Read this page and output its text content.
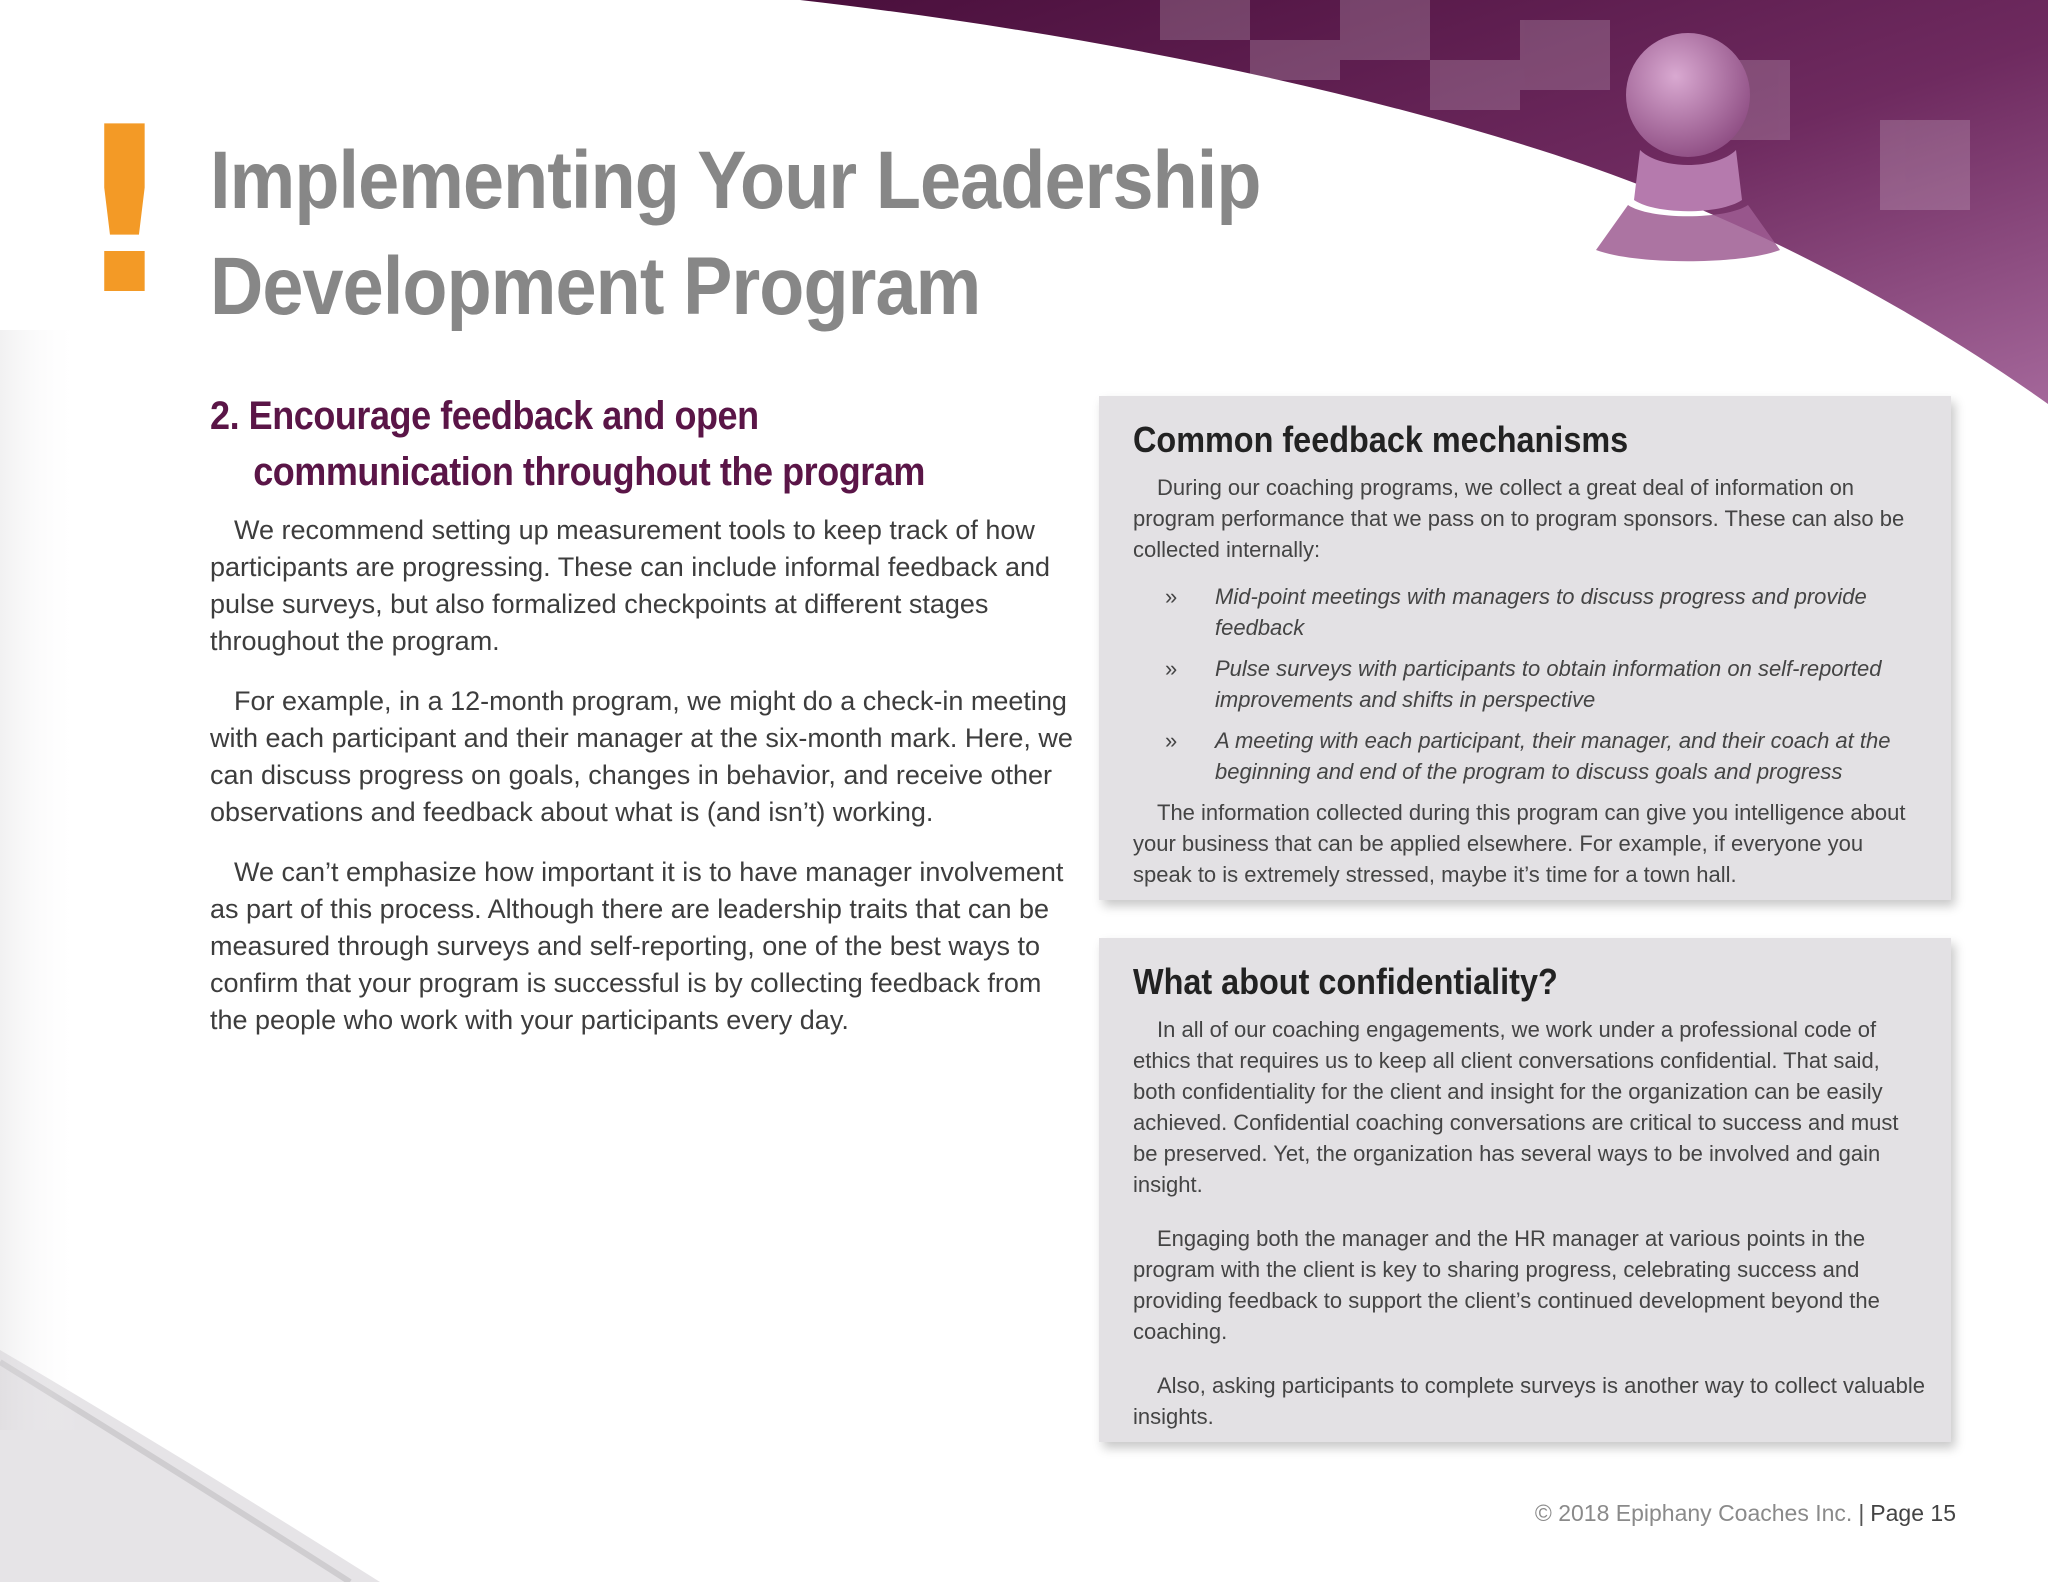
! Implementing Your Leadership
Development Program
2. Encourage feedback and open
communication throughout the program

We recommend setting up measurement tools to keep track of how participants are progressing. These can include informal feedback and pulse surveys, but also formalized checkpoints at different stages throughout the program.

For example, in a 12-month program, we might do a check-in meeting with each participant and their manager at the six-month mark. Here, we can discuss progress on goals, changes in behavior, and receive other observations and feedback about what is (and isn’t) working.

We can’t emphasize how important it is to have manager involvement as part of this process. Although there are leadership traits that can be measured through surveys and self-reporting, one of the best ways to confirm that your program is successful is by collecting feedback from the people who work with your participants every day.

Common feedback mechanisms

During our coaching programs, we collect a great deal of information on program performance that we pass on to program sponsors. These can also be collected internally:

»	Mid-point meetings with managers to discuss progress and provide feedback
»	Pulse surveys with participants to obtain information on self-reported improvements and shifts in perspective
»	A meeting with each participant, their manager, and their coach at the beginning and end of the program to discuss goals and progress

The information collected during this program can give you intelligence about your business that can be applied elsewhere. For example, if everyone you speak to is extremely stressed, maybe it’s time for a town hall.

What about confidentiality?

In all of our coaching engagements, we work under a professional code of ethics that requires us to keep all client conversations confidential. That said, both confidentiality for the client and insight for the organization can be easily achieved. Confidential coaching conversations are critical to success and must be preserved. Yet, the organization has several ways to be involved and gain insight.

Engaging both the manager and the HR manager at various points in the program with the client is key to sharing progress, celebrating success and providing feedback to support the client’s continued development beyond the coaching.

Also, asking participants to complete surveys is another way to collect valuable insights.

© 2018 Epiphany Coaches Inc. | Page 15
